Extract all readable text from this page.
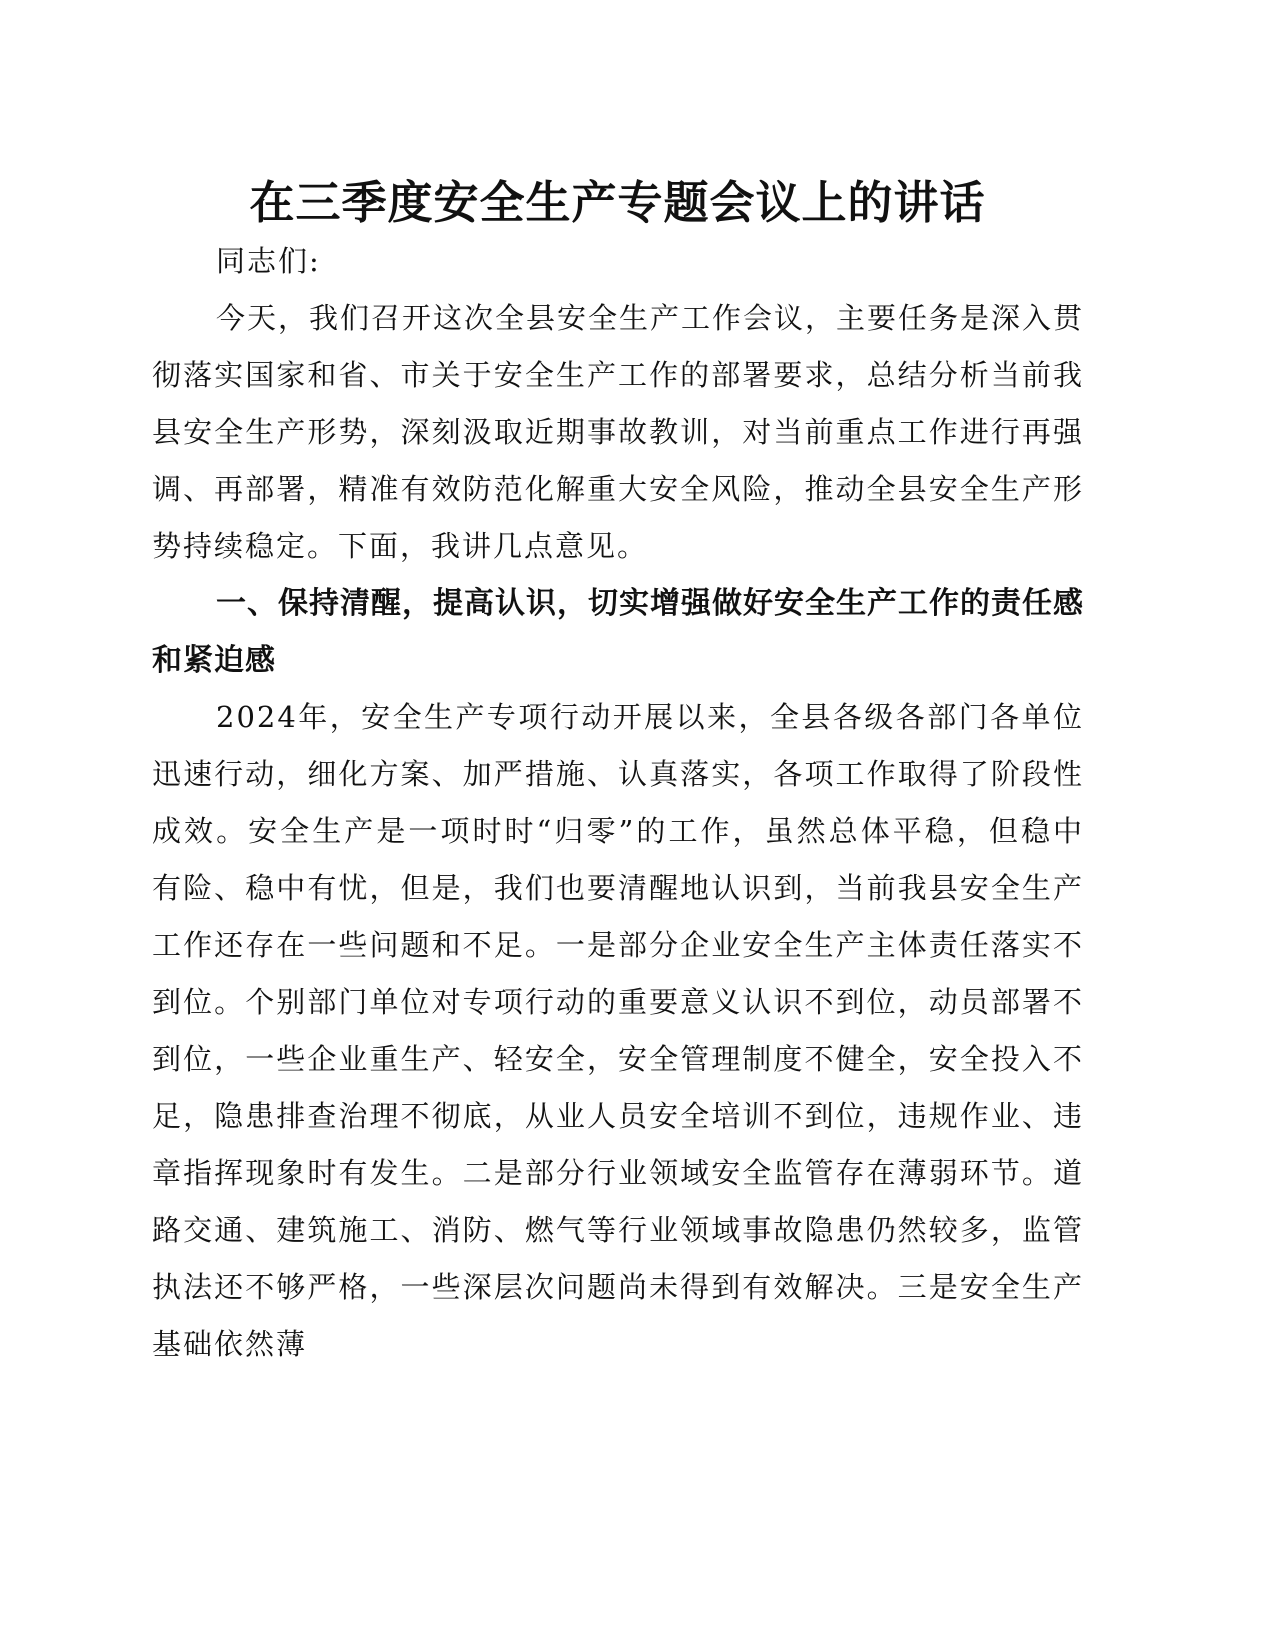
在三季度安全生产专题会议上的讲话

同志们:

今天，我们召开这次全县安全生产工作会议，主要任务是深入贯彻落实国家和省、市关于安全生产工作的部署要求，总结分析当前我县安全生产形势，深刻汲取近期事故教训，对当前重点工作进行再强调、再部署，精准有效防范化解重大安全风险，推动全县安全生产形势持续稳定。下面，我讲几点意见。

一、保持清醒，提高认识，切实增强做好安全生产工作的责任感和紧迫感

2024年，安全生产专项行动开展以来，全县各级各部门各单位迅速行动，细化方案、加严措施、认真落实，各项工作取得了阶段性成效。安全生产是一项时时“归零”的工作，虽然总体平稳，但稳中有险、稳中有忧，但是，我们也要清醒地认识到，当前我县安全生产工作还存在一些问题和不足。一是部分企业安全生产主体责任落实不到位。个别部门单位对专项行动的重要意义认识不到位，动员部署不到位，一些企业重生产、轻安全，安全管理制度不健全，安全投入不足，隐患排查治理不彻底，从业人员安全培训不到位，违规作业、违章指挥现象时有发生。二是部分行业领域安全监管存在薄弱环节。道路交通、建筑施工、消防、燃气等行业领域事故隐患仍然较多，监管执法还不够严格，一些深层次问题尚未得到有效解决。三是安全生产基础依然薄
